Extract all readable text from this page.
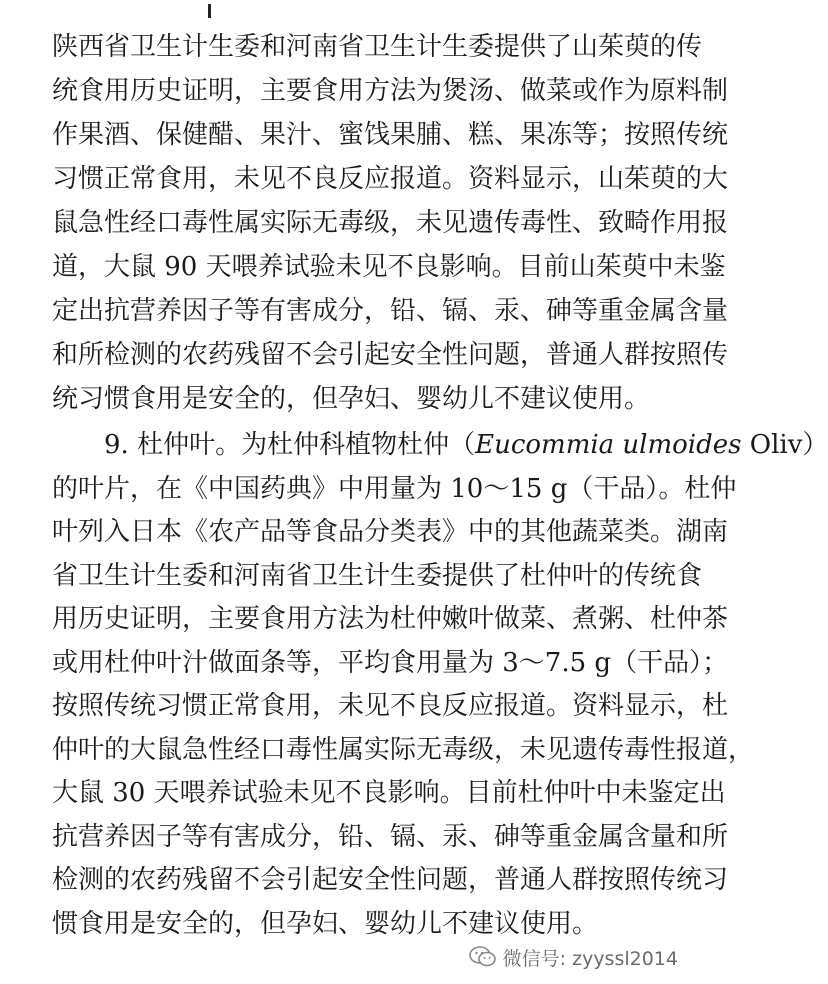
陕西省卫生计生委和河南省卫生计生委提供了山茱萸的传
统食用历史证明，主要食用方法为煲汤、做菜或作为原料制
作果酒、保健醋、果汁、蜜饯果脯、糕、果冻等；按照传统
习惯正常食用，未见不良反应报道。资料显示，山茱萸的大
鼠急性经口毒性属实际无毒级，未见遗传毒性、致畸作用报
道，大鼠 90 天喂养试验未见不良影响。目前山茱萸中未鉴
定出抗营养因子等有害成分，铅、镉、汞、砷等重金属含量
和所检测的农药残留不会引起安全性问题，普通人群按照传
统习惯食用是安全的，但孕妇、婴幼儿不建议使用。
9. 杜仲叶。为杜仲科植物杜仲（Eucommia ulmoides Oliv）
的叶片，在《中国药典》中用量为 10～15 g（干品）。杜仲
叶列入日本《农产品等食品分类表》中的其他蔬菜类。湖南
省卫生计生委和河南省卫生计生委提供了杜仲叶的传统食
用历史证明，主要食用方法为杜仲嫩叶做菜、煮粥、杜仲茶
或用杜仲叶汁做面条等，平均食用量为 3～7.5 g（干品）；
按照传统习惯正常食用，未见不良反应报道。资料显示，杜
仲叶的大鼠急性经口毒性属实际无毒级，未见遗传毒性报道，
大鼠 30 天喂养试验未见不良影响。目前杜仲叶中未鉴定出
抗营养因子等有害成分，铅、镉、汞、砷等重金属含量和所
检测的农药残留不会引起安全性问题，普通人群按照传统习
惯食用是安全的，但孕妇、婴幼儿不建议使用。
微信号: zyyssl2014
